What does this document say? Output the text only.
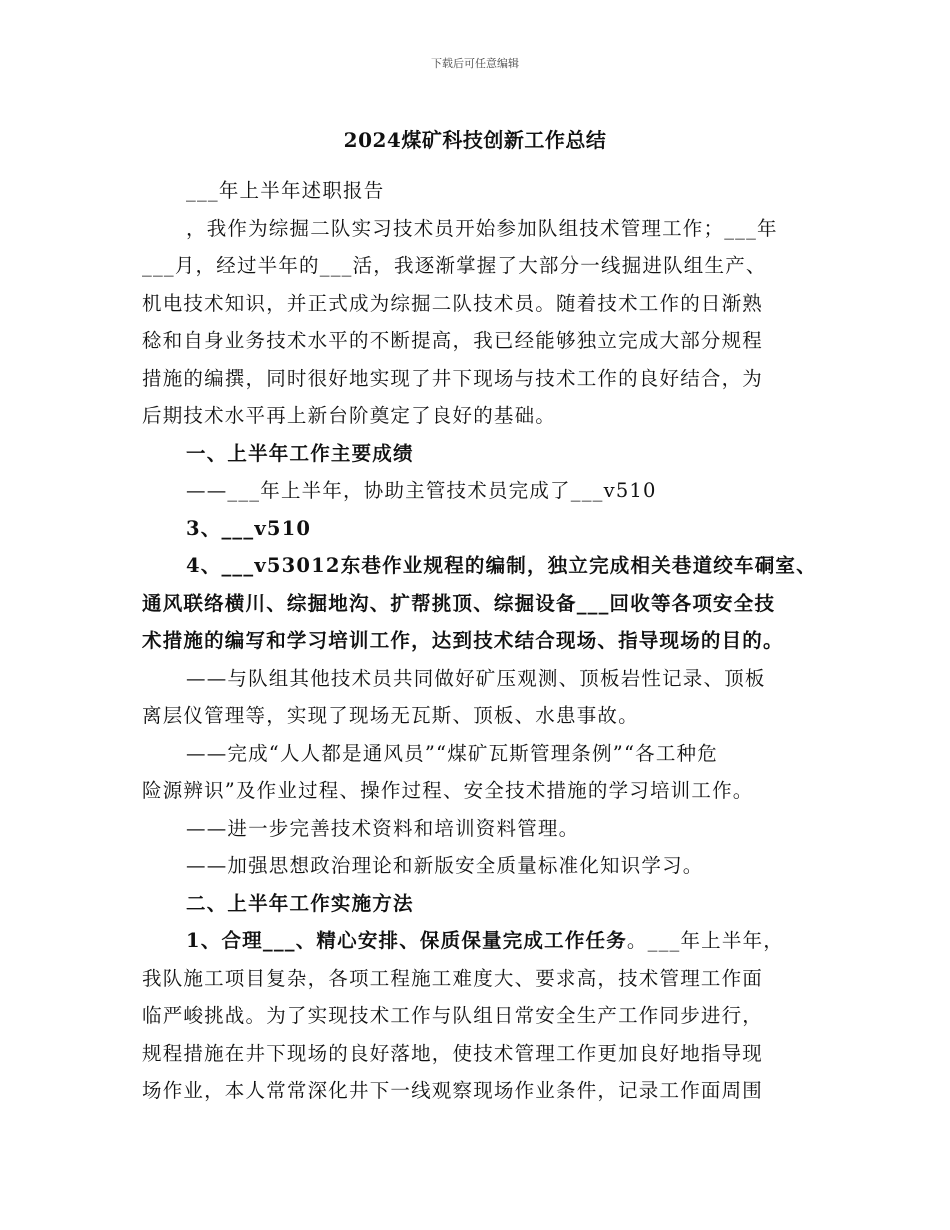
下载后可任意编辑
2024煤矿科技创新工作总结
___年上半年述职报告
，我作为综掘二队实习技术员开始参加队组技术管理工作；___年
___月，经过半年的___活，我逐渐掌握了大部分一线掘进队组生产、
机电技术知识，并正式成为综掘二队技术员。随着技术工作的日渐熟
稔和自身业务技术水平的不断提高，我已经能够独立完成大部分规程
措施的编撰，同时很好地实现了井下现场与技术工作的良好结合，为
后期技术水平再上新台阶奠定了良好的基础。
一、上半年工作主要成绩
——___年上半年，协助主管技术员完成了___v510
3、___v510
4、___v53012东巷作业规程的编制，独立完成相关巷道绞车硐室、
通风联络横川、综掘地沟、扩帮挑顶、综掘设备___回收等各项安全技
术措施的编写和学习培训工作，达到技术结合现场、指导现场的目的。
——与队组其他技术员共同做好矿压观测、顶板岩性记录、顶板
离层仪管理等，实现了现场无瓦斯、顶板、水患事故。
——完成“人人都是通风员”“煤矿瓦斯管理条例”“各工种危
险源辨识”及作业过程、操作过程、安全技术措施的学习培训工作。
——进一步完善技术资料和培训资料管理。
——加强思想政治理论和新版安全质量标准化知识学习。
二、上半年工作实施方法
1、合理___、精心安排、保质保量完成工作任务。___年上半年，
我队施工项目复杂，各项工程施工难度大、要求高，技术管理工作面
临严峻挑战。为了实现技术工作与队组日常安全生产工作同步进行，
规程措施在井下现场的良好落地，使技术管理工作更加良好地指导现
场作业，本人常常深化井下一线观察现场作业条件，记录工作面周围
